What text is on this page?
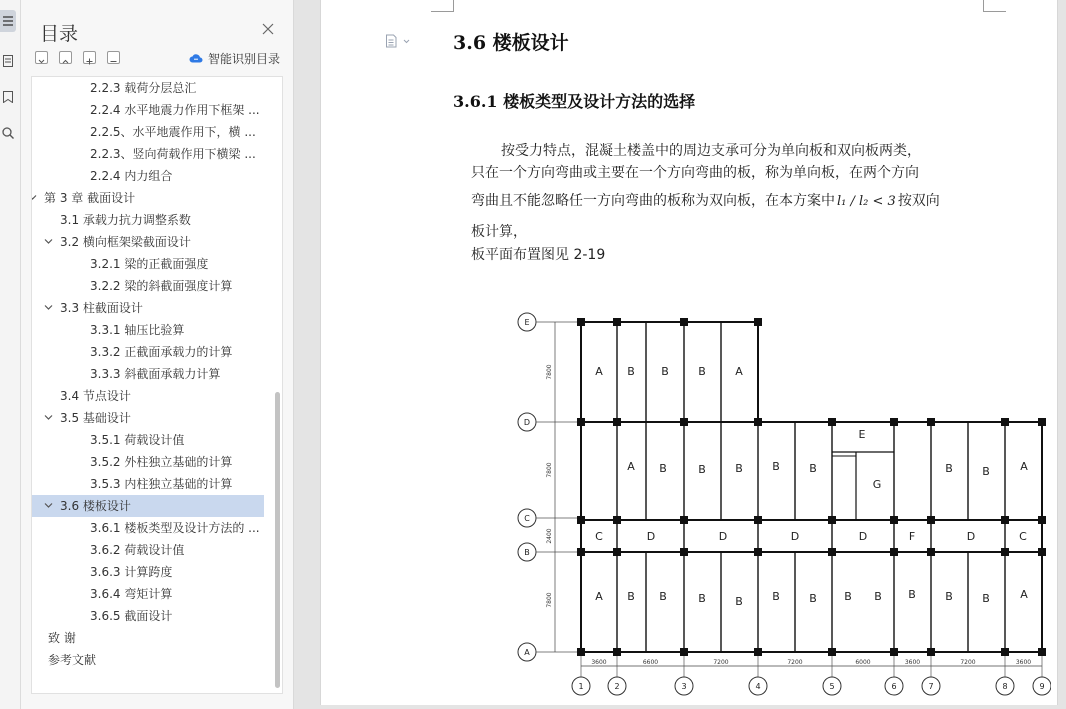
目录
智能识别目录
2.2.3 载荷分层总汇
2.2.4 水平地震力作用下框架 ...
2.2.5、水平地震作用下，横 ...
2.2.3、竖向荷载作用下横梁 ...
2.2.4 内力组合
第 3 章 截面设计
3.1 承载力抗力调整系数
3.2 横向框架梁截面设计
3.2.1 梁的正截面强度
3.2.2 梁的斜截面强度计算
3.3 柱截面设计
3.3.1 轴压比验算
3.3.2 正截面承载力的计算
3.3.3 斜截面承载力计算
3.4 节点设计
3.5 基础设计
3.5.1 荷载设计值
3.5.2 外柱独立基础的计算
3.5.3 内柱独立基础的计算
3.6 楼板设计
3.6.1 楼板类型及设计方法的 ...
3.6.2 荷载设计值
3.6.3 计算跨度
3.6.4 弯矩计算
3.6.5 截面设计
致 谢
参考文献
3.6 楼板设计
3.6.1 楼板类型及设计方法的选择
按受力特点，混凝土楼盖中的周边支承可分为单向板和双向板两类，
只在一个方向弯曲或主要在一个方向弯曲的板，称为单向板，在两个方向
弯曲且不能忽略任一方向弯曲的板称为双向板，在本方案中 l₁ / l₂ < 3 按双向
板计算，
板平面布置图见 2-19
A B B	B	A
A B	B	B	B	B
E
G
B	B	A
C	D	D	D	D	F	D	C
A B B	B	B	B	B B B B	B	B	A
E
D
C
B
A
7800
7800
2400
7800
3600	6600	7200	7200	6000	3600	7200	3600
1	2	3	4	5	6	7	8	9
